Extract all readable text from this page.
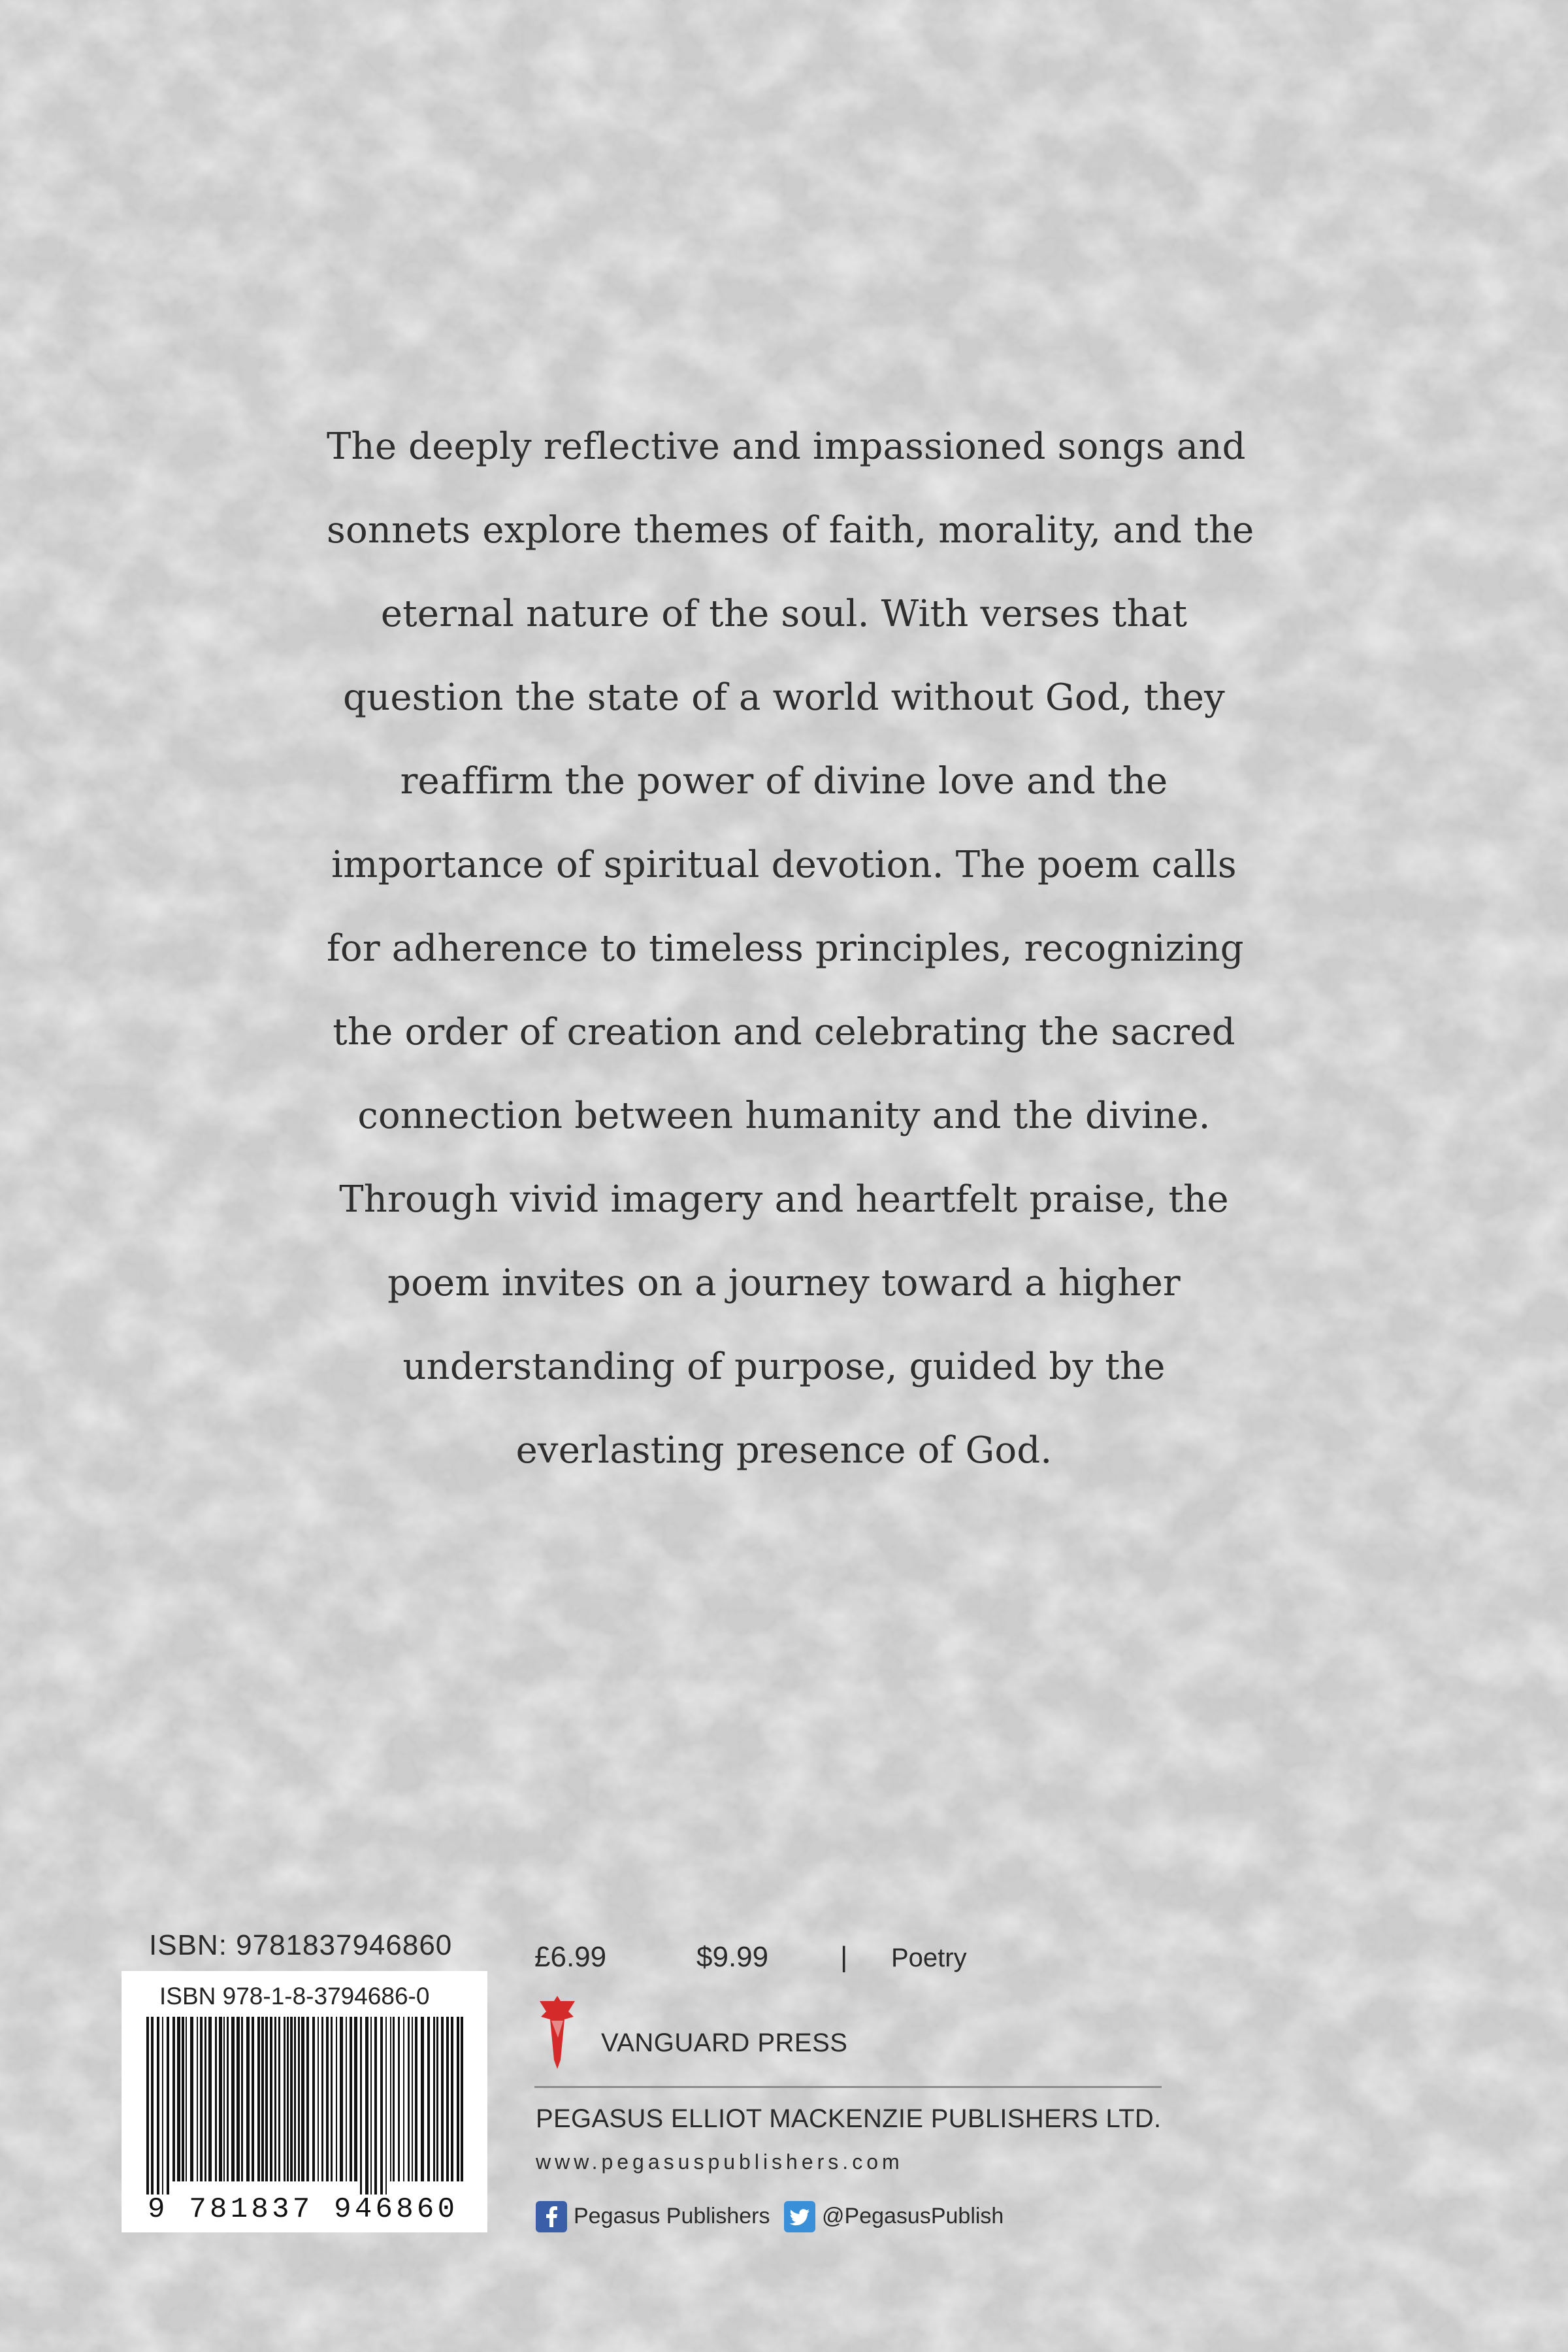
The deeply reflective and impassioned songs and
sonnets explore themes of faith, morality, and the
eternal nature of the soul. With verses that
question the state of a world without God, they
reaffirm the power of divine love and the
importance of spiritual devotion. The poem calls
for adherence to timeless principles, recognizing
the order of creation and celebrating the sacred
connection between humanity and the divine.
Through vivid imagery and heartfelt praise, the
poem invites on a journey toward a higher
understanding of purpose, guided by the
everlasting presence of God.

ISBN: 9781837946860
ISBN 978-1-8-3794686-0
9 781837 946860
£6.99	$9.99 | Poetry
VANGUARD PRESS
PEGASUS ELLIOT MACKENZIE PUBLISHERS LTD.
www.pegasuspublishers.com
Pegasus Publishers @PegasusPublish
